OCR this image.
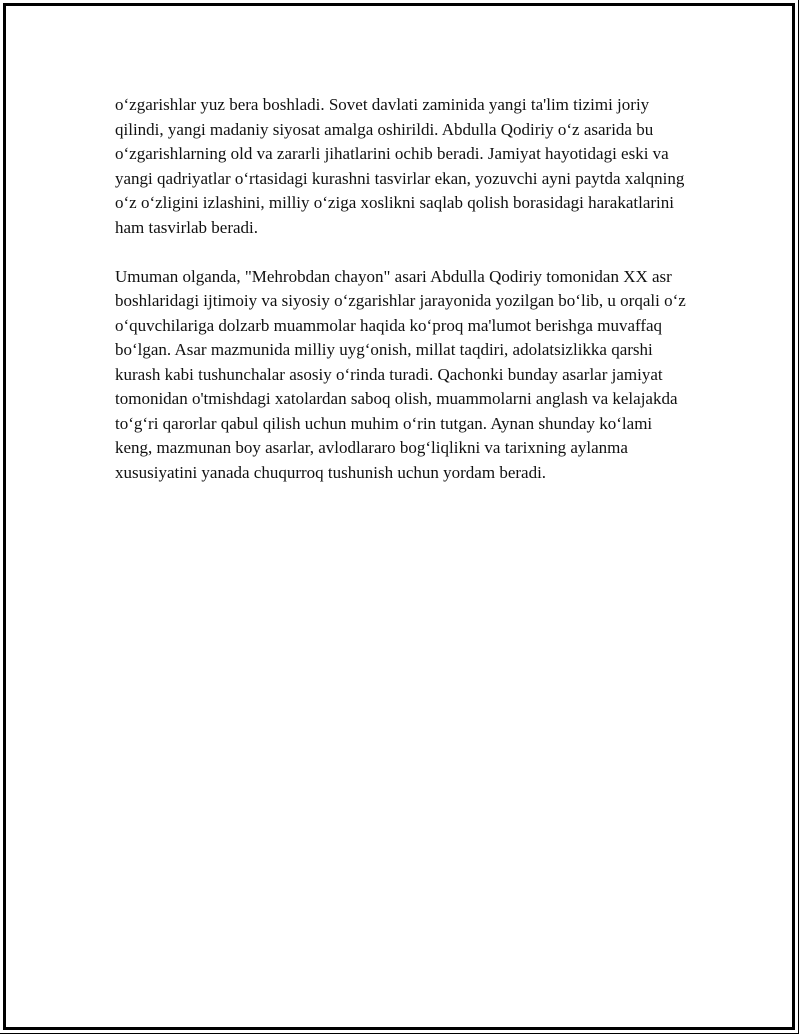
o‘zgarishlar yuz bera boshladi. Sovet davlati zaminida yangi ta'lim tizimi joriy qilindi, yangi madaniy siyosat amalga oshirildi. Abdulla Qodiriy o‘z asarida bu o‘zgarishlarning old va zararli jihatlarini ochib beradi. Jamiyat hayotidagi eski va yangi qadriyatlar o‘rtasidagi kurashni tasvirlar ekan, yozuvchi ayni paytda xalqning o‘z o‘zligini izlashini, milliy o‘ziga xoslikni saqlab qolish borasidagi harakatlarini ham tasvirlab beradi.

Umuman olganda, "Mehrobdan chayon" asari Abdulla Qodiriy tomonidan XX asr boshlaridagi ijtimoiy va siyosiy o‘zgarishlar jarayonida yozilgan bo‘lib, u orqali o‘z o‘quvchilariga dolzarb muammolar haqida ko‘proq ma'lumot berishga muvaffaq bo‘lgan. Asar mazmunida milliy uyg‘onish, millat taqdiri, adolatsizlikka qarshi kurash kabi tushunchalar asosiy o‘rinda turadi. Qachonki bunday asarlar jamiyat tomonidan o'tmishdagi xatolardan saboq olish, muammolarni anglash va kelajakda to‘g‘ri qarorlar qabul qilish uchun muhim o‘rin tutgan. Aynan shunday ko‘lami keng, mazmunan boy asarlar, avlodlararo bog‘liqlikni va tarixning aylanma xususiyatini yanada chuqurroq tushunish uchun yordam beradi.
